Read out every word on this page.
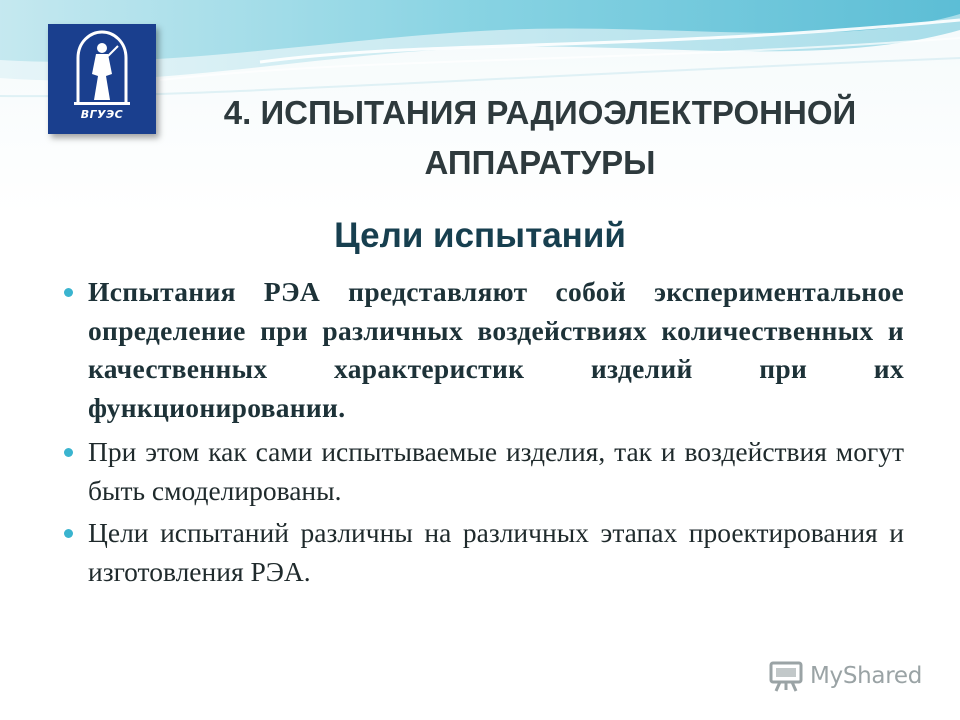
ВГУЭС	4. ИСПЫТАНИЯ РАДИОЭЛЕКТРОННОЙ АППАРАТУРЫ
Цели испытаний
Испытания РЭА представляют собой экспериментальное определение при различных воздействиях количественных и качественных характеристик изделий при их функционировании.
При этом как сами испытываемые изделия, так и воздействия могут быть смоделированы.
Цели испытаний различны на различных этапах проектирования и изготовления РЭА.
MyShared
